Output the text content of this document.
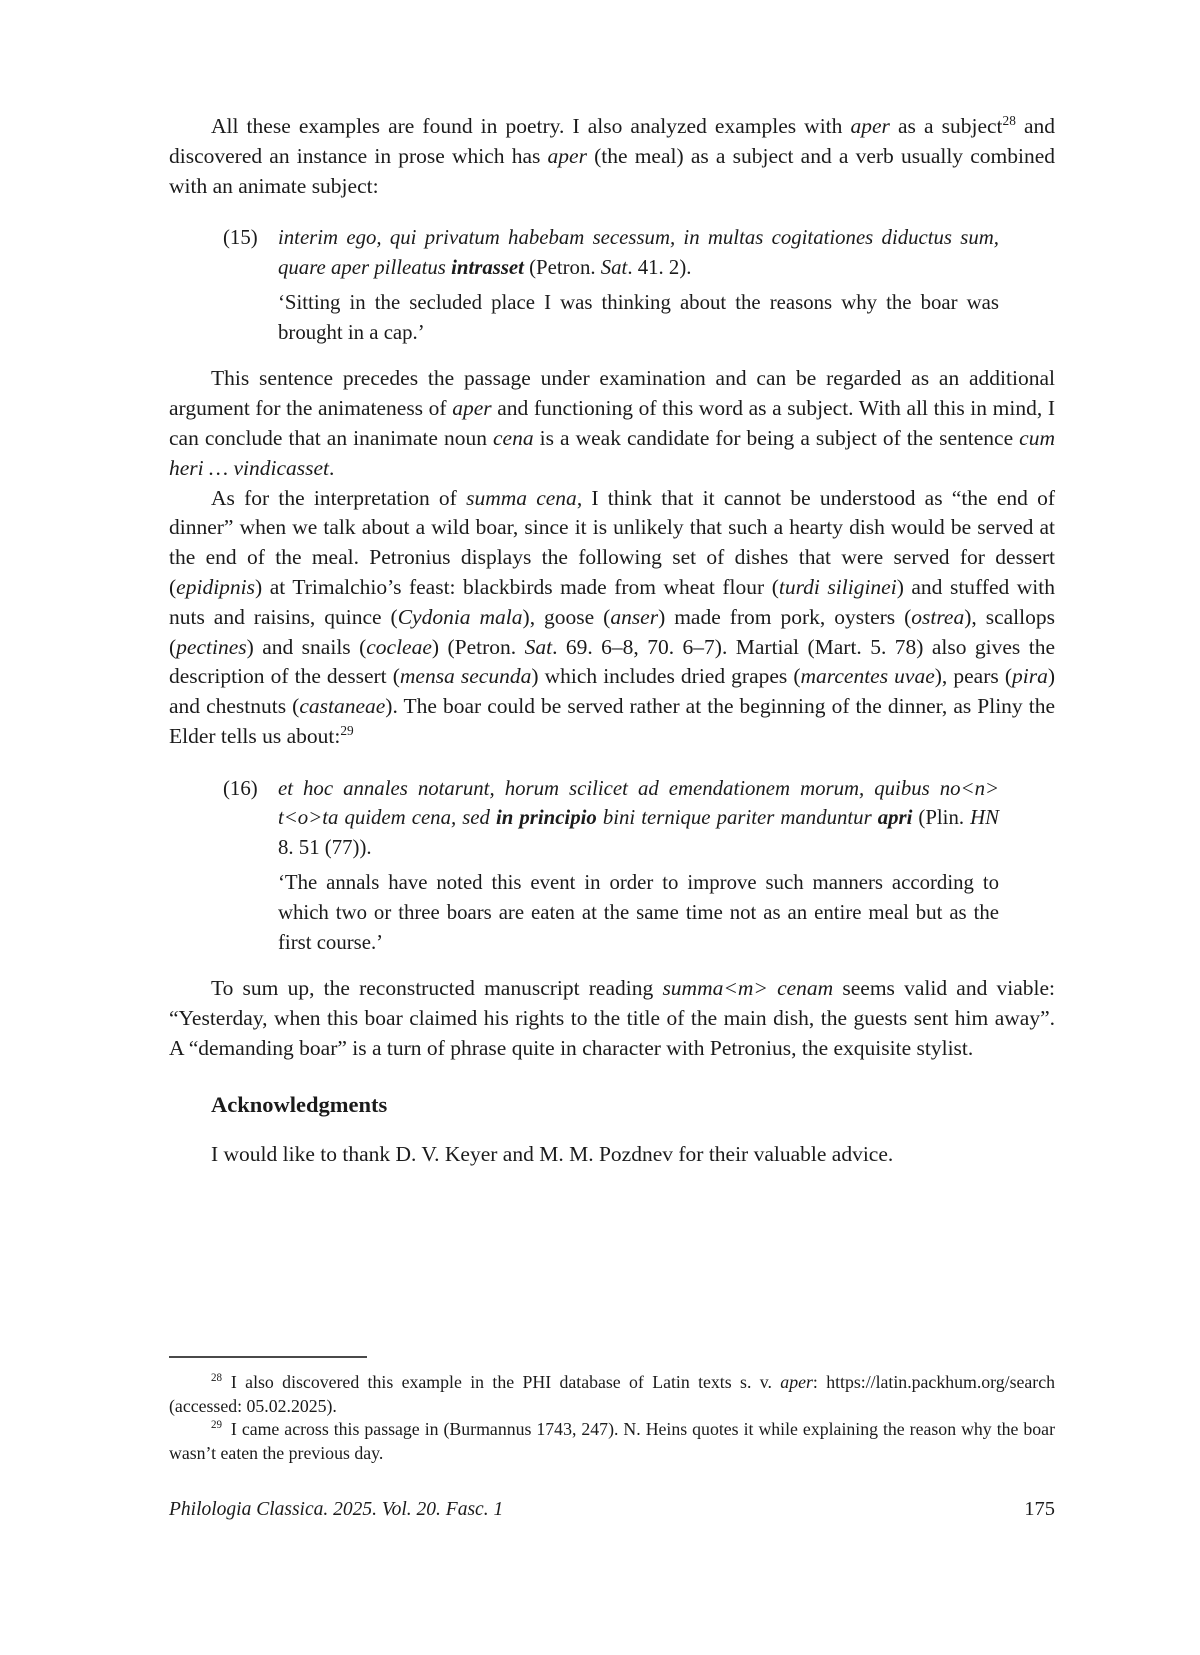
All these examples are found in poetry. I also analyzed examples with aper as a subject$^{28}$ and discovered an instance in prose which has aper (the meal) as a subject and a verb usually combined with an animate subject:

(15) interim ego, qui privatum habebam secessum, in multas cogitationes diductus sum, quare aper pilleatus intrasset (Petron. Sat. 41. 2).
‘Sitting in the secluded place I was thinking about the reasons why the boar was brought in a cap.’

This sentence precedes the passage under examination and can be regarded as an additional argument for the animateness of aper and functioning of this word as a subject. With all this in mind, I can conclude that an inanimate noun cena is a weak candidate for being a subject of the sentence cum heri … vindicasset.

As for the interpretation of summa cena, I think that it cannot be understood as “the end of dinner” when we talk about a wild boar, since it is unlikely that such a hearty dish would be served at the end of the meal. Petronius displays the following set of dishes that were served for dessert (epidipnis) at Trimalchio’s feast: blackbirds made from wheat flour (turdi siliginei) and stuffed with nuts and raisins, quince (Cydonia mala), goose (anser) made from pork, oysters (ostrea), scallops (pectines) and snails (cocleae) (Petron. Sat. 69. 6–8, 70. 6–7). Martial (Mart. 5. 78) also gives the description of the dessert (mensa secunda) which includes dried grapes (marcentes uvae), pears (pira) and chestnuts (castaneae). The boar could be served rather at the beginning of the dinner, as Pliny the Elder tells us about:$^{29}$

(16) et hoc annales notarunt, horum scilicet ad emendationem morum, quibus no<n> t<o>ta quidem cena, sed in principio bini ternique pariter manduntur apri (Plin. HN 8. 51 (77)).
‘The annals have noted this event in order to improve such manners according to which two or three boars are eaten at the same time not as an entire meal but as the first course.’

To sum up, the reconstructed manuscript reading summa<m> cenam seems valid and viable: “Yesterday, when this boar claimed his rights to the title of the main dish, the guests sent him away”. A “demanding boar” is a turn of phrase quite in character with Petronius, the exquisite stylist.

Acknowledgments

I would like to thank D. V. Keyer and M. M. Pozdnev for their valuable advice.

$^{28}$  I also discovered this example in the PHI database of Latin texts s. v. aper: https://latin.packhum.org/search (accessed: 05.02.2025).

$^{29}$  I came across this passage in (Burmannus 1743, 247). N. Heins quotes it while explaining the reason why the boar wasn’t eaten the previous day.

Philologia Classica. 2025. Vol. 20. Fasc. 1	175
